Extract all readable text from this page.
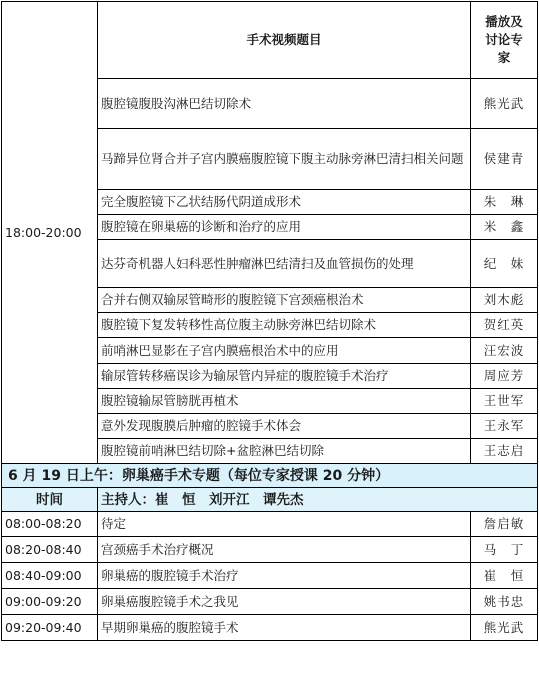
18:00-20:00	手术视频题目	播放及
讨论专
家

	腹腔镜腹股沟淋巴结切除术	熊光武
	马蹄异位肾合并子宫内膜癌腹腔镜下腹主动脉旁淋巴清扫相关问题	侯建青
	完全腹腔镜下乙状结肠代阴道成形术	朱　琳
	腹腔镜在卵巢癌的诊断和治疗的应用	米　鑫
	达芬奇机器人妇科恶性肿瘤淋巴结清扫及血管损伤的处理	纪　妹
	合并右侧双输尿管畸形的腹腔镜下宫颈癌根治术	刘木彪
	腹腔镜下复发转移性高位腹主动脉旁淋巴结切除术	贺红英
	前哨淋巴显影在子宫内膜癌根治术中的应用	汪宏波
	输尿管转移癌误诊为输尿管内异症的腹腔镜手术治疗	周应芳
	腹腔镜输尿管膀胱再植术	王世军
	意外发现腹膜后肿瘤的腔镜手术体会	王永军
	腹腔镜前哨淋巴结切除+盆腔淋巴结切除	王志启
6 月 19 日上午：卵巢癌手术专题（每位专家授课 20 分钟）		
时间	主持人：崔　恒　刘开江　谭先杰	
08:00-08:20	待定	詹启敏
08:20-08:40	宫颈癌手术治疗概况	马　丁
08:40-09:00	卵巢癌的腹腔镜手术治疗	崔　恒
09:00-09:20	卵巢癌腹腔镜手术之我见	姚书忠
09:20-09:40	早期卵巢癌的腹腔镜手术	熊光武
